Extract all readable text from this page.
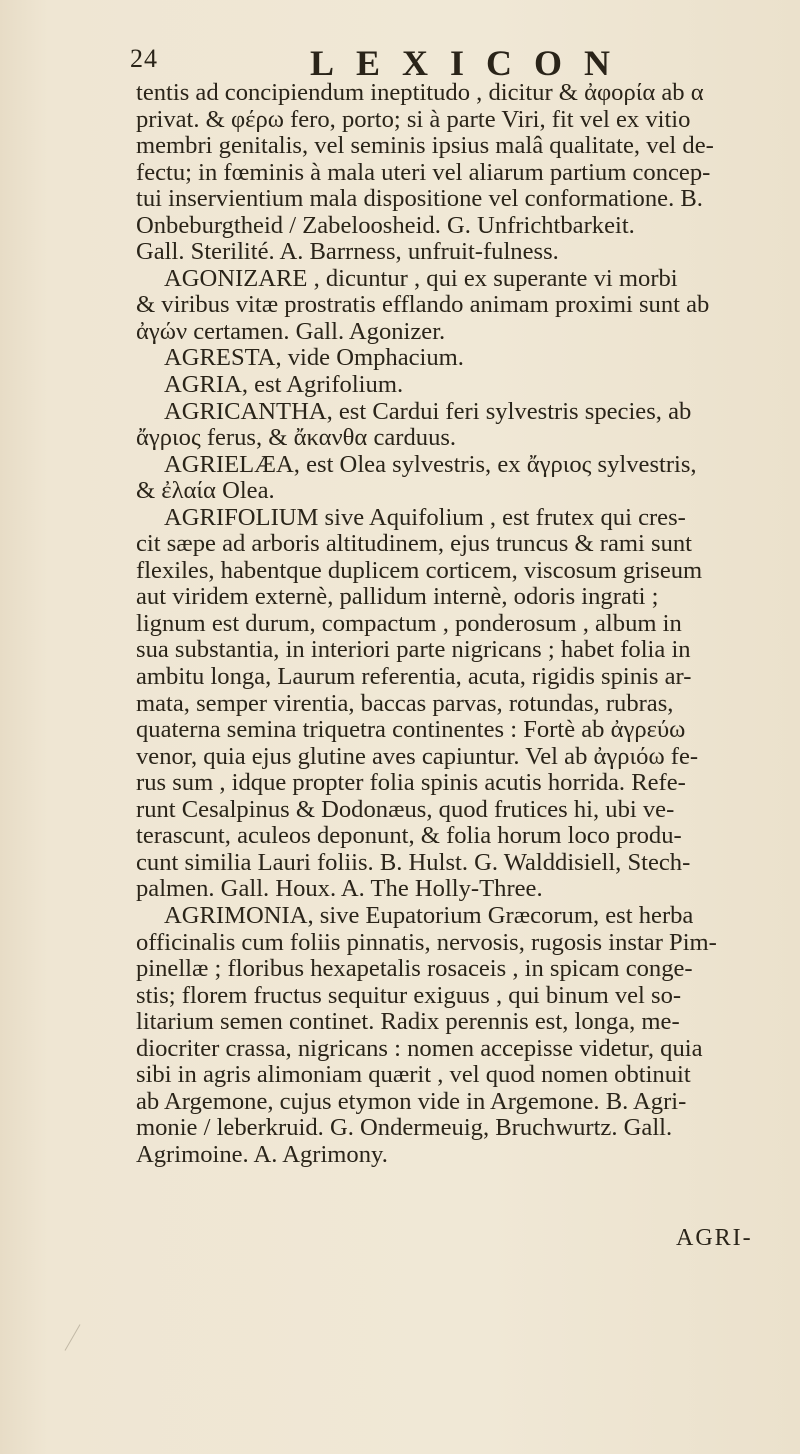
24	LEXICON
tentis ad concipiendum ineptitudo , dicitur & ἀφορία ab α
privat. & φέρω fero, porto; si à parte Viri, fit vel ex vitio
membri genitalis, vel seminis ipsius malâ qualitate, vel de-
fectu; in fœminis à mala uteri vel aliarum partium concep-
tui inservientium mala dispositione vel conformatione. B.
Onbeburgtheid / Zabeloosheid. G. Unfrichtbarkeit.
Gall. Sterilité. A. Barrness, unfruit-fulness.
AGONIZARE , dicuntur , qui ex superante vi morbi
& viribus vitæ prostratis efflando animam proximi sunt ab
ἀγών certamen. Gall. Agonizer.
AGRESTA, vide Omphacium.
AGRIA, est Agrifolium.
AGRICANTHA, est Cardui feri sylvestris species, ab
ἄγριος ferus, & ἄκανθα carduus.
AGRIELÆA, est Olea sylvestris, ex ἄγριος sylvestris,
& ἐλαία Olea.
AGRIFOLIUM sive Aquifolium , est frutex qui cres-
cit sæpe ad arboris altitudinem, ejus truncus & rami sunt
flexiles, habentque duplicem corticem, viscosum griseum
aut viridem externè, pallidum internè, odoris ingrati ;
lignum est durum, compactum , ponderosum , album in
sua substantia, in interiori parte nigricans ; habet folia in
ambitu longa, Laurum referentia, acuta, rigidis spinis ar-
mata, semper virentia, baccas parvas, rotundas, rubras,
quaterna semina triquetra continentes : Fortè ab ἀγρεύω
venor, quia ejus glutine aves capiuntur. Vel ab ἀγριόω fe-
rus sum , idque propter folia spinis acutis horrida. Refe-
runt Cesalpinus & Dodonæus, quod frutices hi, ubi ve-
terascunt, aculeos deponunt, & folia horum loco produ-
cunt similia Lauri foliis. B. Hulst. G. Walddisiell, Stech-
palmen. Gall. Houx. A. The Holly-Three.
AGRIMONIA, sive Eupatorium Græcorum, est herba
officinalis cum foliis pinnatis, nervosis, rugosis instar Pim-
pinellæ ; floribus hexapetalis rosaceis , in spicam conge-
stis; florem fructus sequitur exiguus , qui binum vel so-
litarium semen continet. Radix perennis est, longa, me-
diocriter crassa, nigricans : nomen accepisse videtur, quia
sibi in agris alimoniam quærit , vel quod nomen obtinuit
ab Argemone, cujus etymon vide in Argemone. B. Agri-
monie / leberkruid. G. Ondermeuig, Bruchwurtz. Gall.
Agrimoine. A. Agrimony.
AGRI-
